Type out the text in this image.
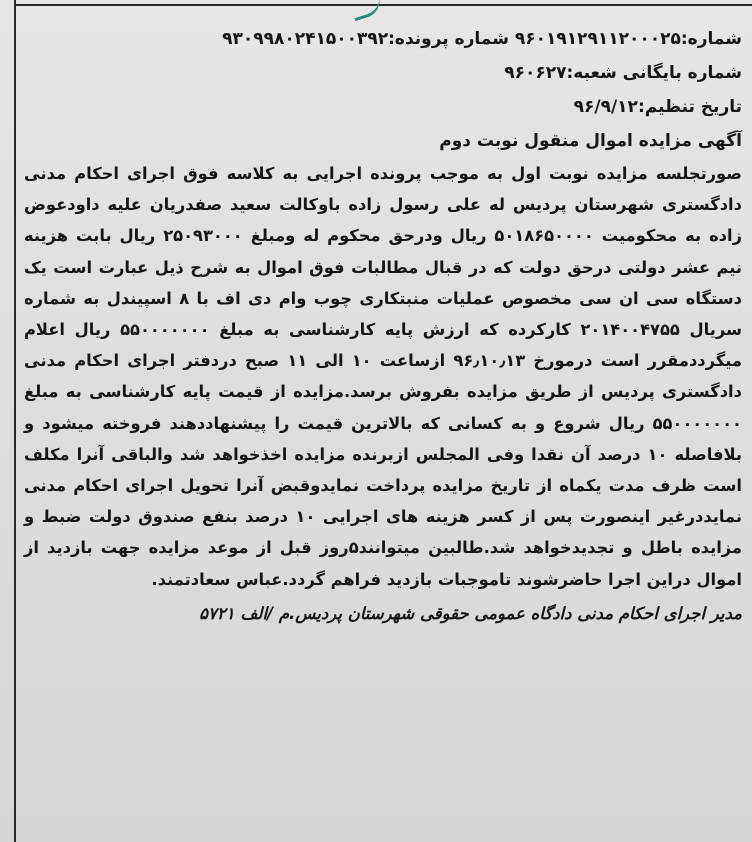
شماره:۹۶۰۱۹۱۲۹۱۱۲۰۰۰۲۵ شماره پرونده:۹۳۰۹۹۸۰۲۴۱۵۰۰۳۹۲
شماره بایگانی شعبه:۹۶۰۶۲۷
تاریخ تنظیم:۹۶/۹/۱۲
آگهی مزایده اموال منقول نوبت دوم

صورتجلسه مزایده نوبت اول به موجب پرونده اجرایی به کلاسه فوق اجرای احکام مدنی دادگستری شهرستان پردیس له علی رسول زاده باوکالت سعید صفدریان علیه داودعوض زاده به محکومیت ۵۰۱۸۶۵۰۰۰۰ ریال ودرحق محکوم له ومبلغ ۲۵۰۹۳۰۰۰ ریال بابت هزینه نیم عشر دولتی درحق دولت که در قبال مطالبات فوق اموال به شرح ذیل عبارت است یک دستگاه سی ان سی مخصوص عملیات منبتکاری چوب وام دی اف با ۸ اسپیندل به شماره سریال ۲۰۱۴۰۰۴۷۵۵ کارکرده که ارزش پایه کارشناسی به مبلغ ۵۵۰۰۰۰۰۰۰ ریال اعلام میگرددمقرر است درمورخ ۹۶٫۱۰٫۱۳ ازساعت ۱۰ الی ۱۱ صبح دردفتر اجرای احکام مدنی دادگستری پردیس از طریق مزایده بفروش برسد.مزایده از قیمت پایه کارشناسی به مبلغ ۵۵۰۰۰۰۰۰۰ ریال شروع و به کسانی که بالاترین قیمت را پیشنهاددهند فروخته میشود و بلافاصله ۱۰ درصد آن نقدا وفی المجلس ازبرنده مزایده اخذخواهد شد والباقی آنرا مکلف است ظرف مدت یکماه از تاریخ مزایده پرداخت نمایدوقبض آنرا تحویل اجرای احکام مدنی نمایددرغیر اینصورت پس از کسر هزینه های اجرایی ۱۰ درصد بنفع صندوق دولت ضبط و مزایده باطل و تجدیدخواهد شد.طالبین میتوانند۵روز قبل از موعد مزایده جهت بازدید از اموال دراین اجرا حاضرشوند تاموجبات بازدید فراهم گردد.عباس سعادتمند.

مدیر اجرای احکام مدنی دادگاه عمومی حقوقی شهرستان پردیس.م /الف ۵۷۲۱
